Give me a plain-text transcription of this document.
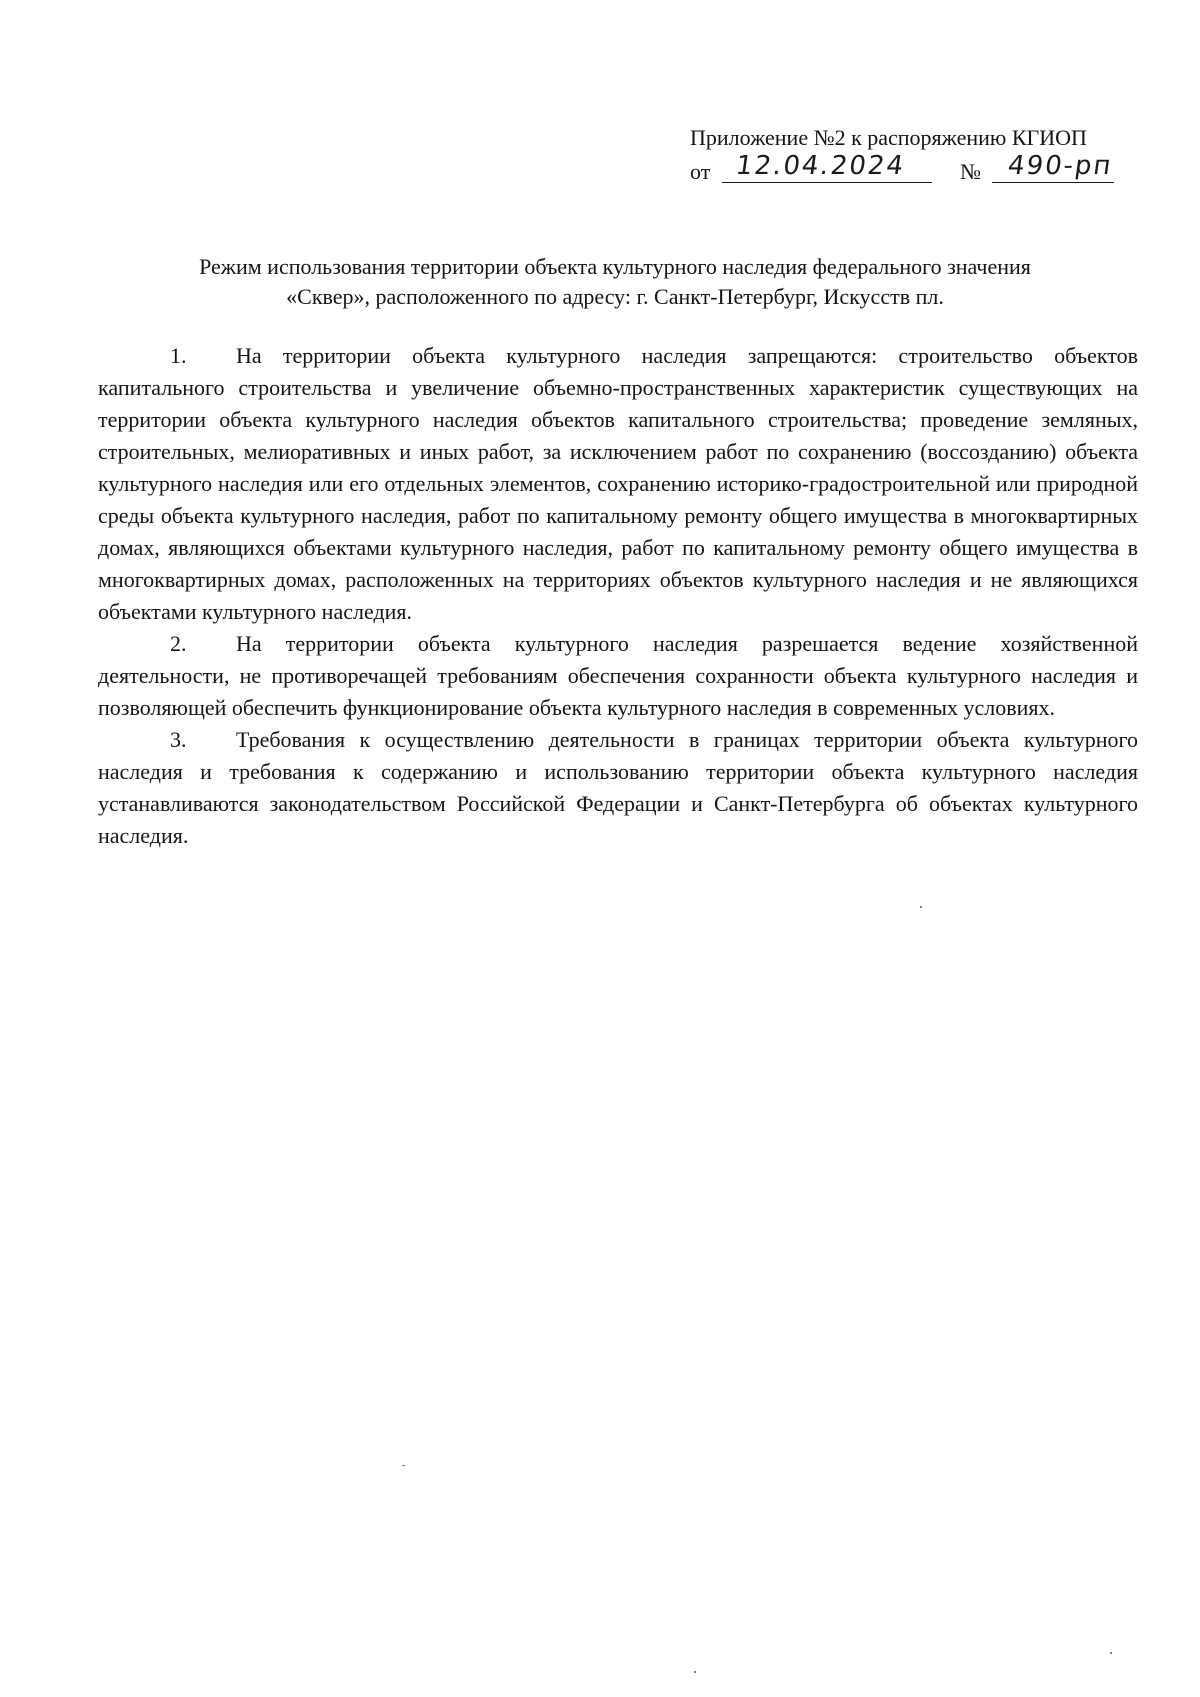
Приложение №2 к распоряжению КГИОП
от 12.04.2024 № 490-рп
Режим использования территории объекта культурного наследия федерального значения
«Сквер», расположенного по адресу: г. Санкт-Петербург, Искусств пл.

1. На территории объекта культурного наследия запрещаются: строительство объектов капитального строительства и увеличение объемно-пространственных характеристик существующих на территории объекта культурного наследия объектов капитального строительства; проведение земляных, строительных, мелиоративных и иных работ, за исключением работ по сохранению (воссозданию) объекта культурного наследия или его отдельных элементов, сохранению историко-градостроительной или природной среды объекта культурного наследия, работ по капитальному ремонту общего имущества в многоквартирных домах, являющихся объектами культурного наследия, работ по капитальному ремонту общего имущества в многоквартирных домах, расположенных на территориях объектов культурного наследия и не являющихся объектами культурного наследия.

2. На территории объекта культурного наследия разрешается ведение хозяйственной деятельности, не противоречащей требованиям обеспечения сохранности объекта культурного наследия и позволяющей обеспечить функционирование объекта культурного наследия в современных условиях.

3. Требования к осуществлению деятельности в границах территории объекта культурного наследия и требования к содержанию и использованию территории объекта культурного наследия устанавливаются законодательством Российской Федерации и Санкт-Петербурга об объектах культурного наследия.
